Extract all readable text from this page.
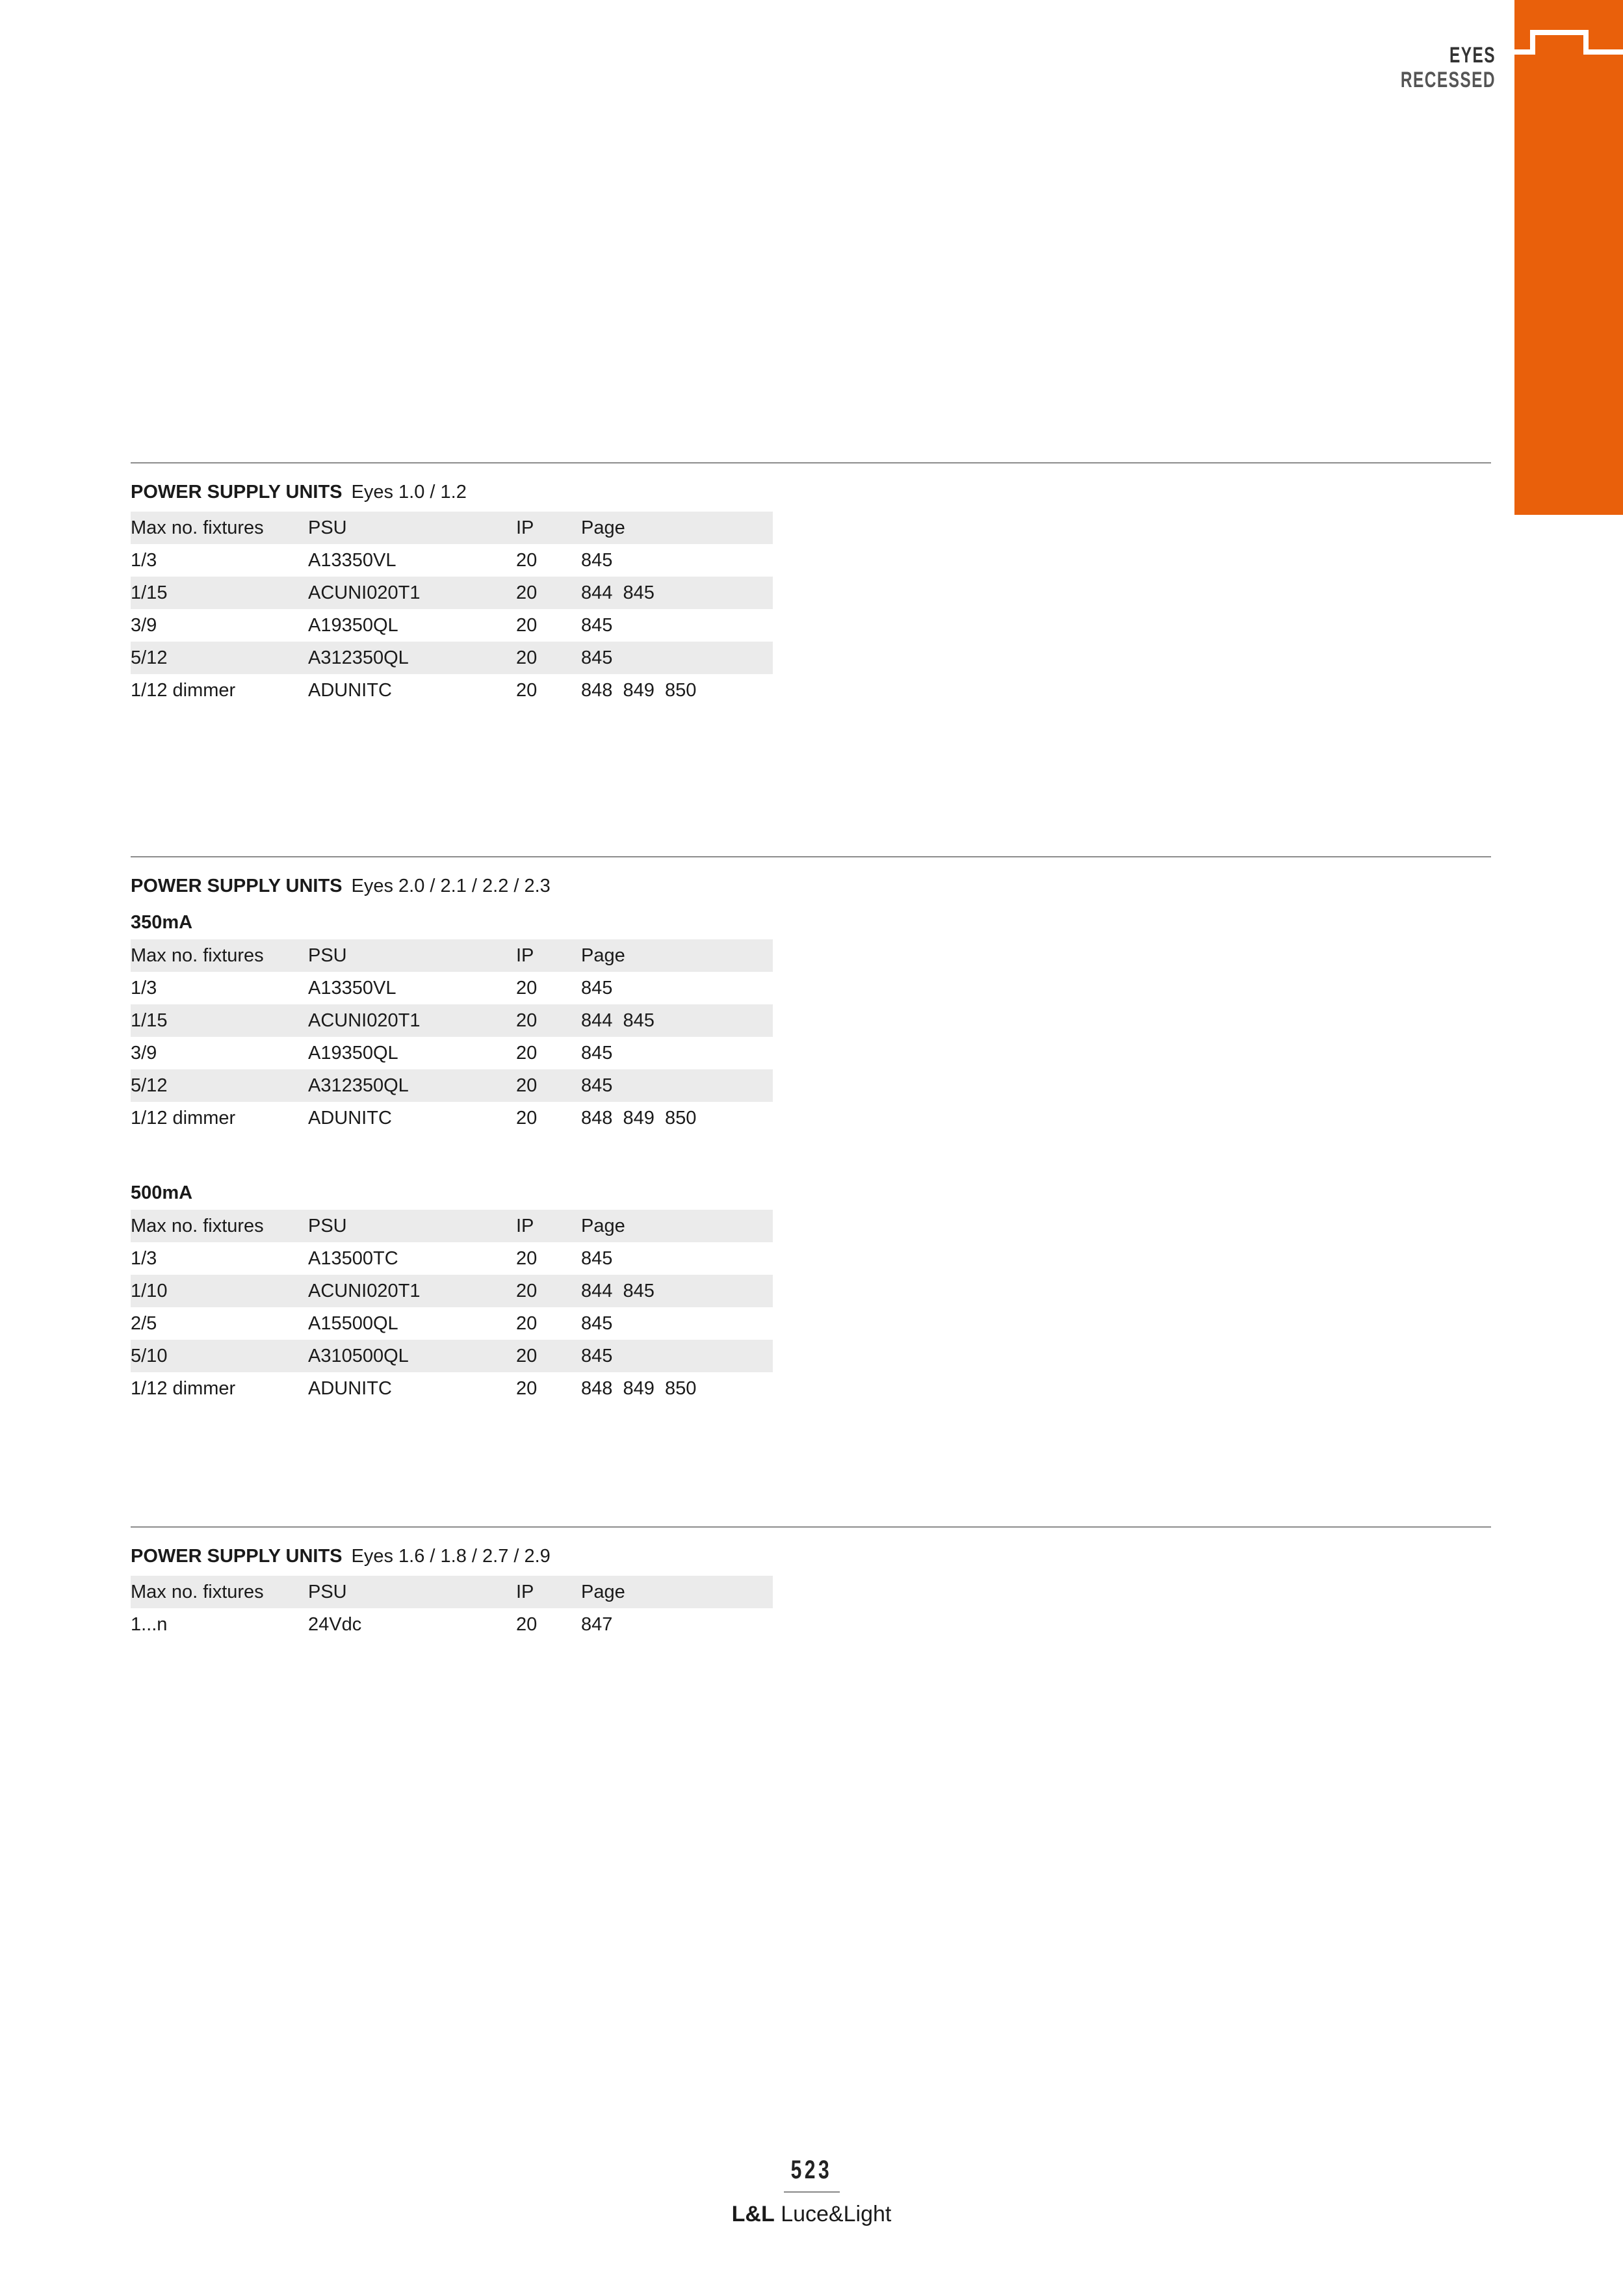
EYES
RECESSED
POWER SUPPLY UNITS Eyes 1.0 / 1.2
Max no. fixtures	PSU	IP	Page
1/3	A13350VL	20	845
1/15	ACUNI020T1	20	844  845
3/9	A19350QL	20	845
5/12	A312350QL	20	845
1/12 dimmer	ADUNITC	20	848  849  850
POWER SUPPLY UNITS Eyes 2.0 / 2.1 / 2.2 / 2.3
350mA
Max no. fixtures	PSU	IP	Page
1/3	A13350VL	20	845
1/15	ACUNI020T1	20	844  845
3/9	A19350QL	20	845
5/12	A312350QL	20	845
1/12 dimmer	ADUNITC	20	848  849  850
500mA
Max no. fixtures	PSU	IP	Page
1/3	A13500TC	20	845
1/10	ACUNI020T1	20	844  845
2/5	A15500QL	20	845
5/10	A310500QL	20	845
1/12 dimmer	ADUNITC	20	848  849  850
POWER SUPPLY UNITS Eyes 1.6 / 1.8 / 2.7 / 2.9
Max no. fixtures	PSU	IP	Page
1...n	24Vdc	20	847
523
L&L Luce&Light
